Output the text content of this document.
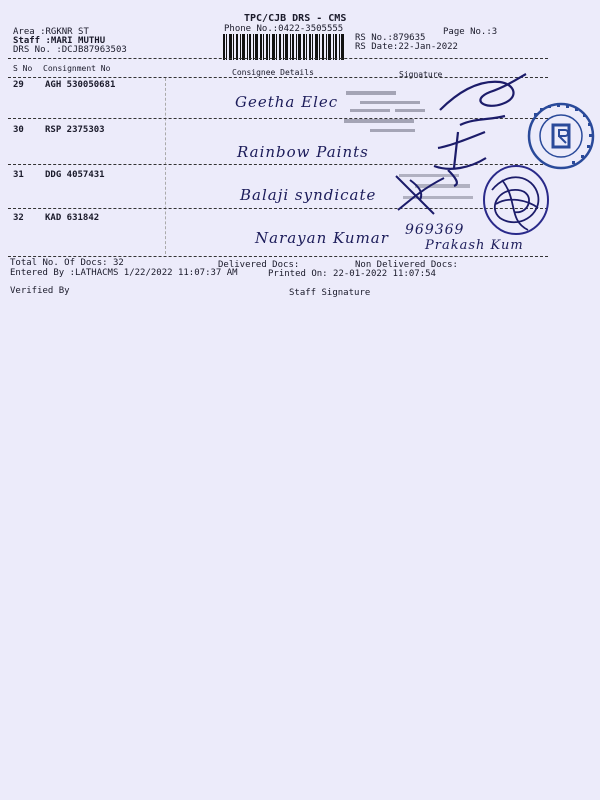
TPC/CJB DRS - CMS
Phone No.:0422-3505555	Page No.:3
Area :RGKNR ST
Staff :MARI MUTHU
DRS No. :DCJB87963503
RS No.:879635
RS Date:22-Jan-2022
S No Consignment No	Consignee Details	Signature
29 AGH 530050681
Geetha Elec
30 RSP 2375303
Rainbow Paints
31 DDG 4057431
Balaji syndicate
32 KAD 631842
Narayan Kumar 969369
Prakash Kum
Total No. Of Docs: 32	Delivered Docs:	Non Delivered Docs:
Entered By :LATHACMS 1/22/2022 11:07:37 AM	Printed On: 22-01-2022 11:07:54
Verified By	Staff Signature
